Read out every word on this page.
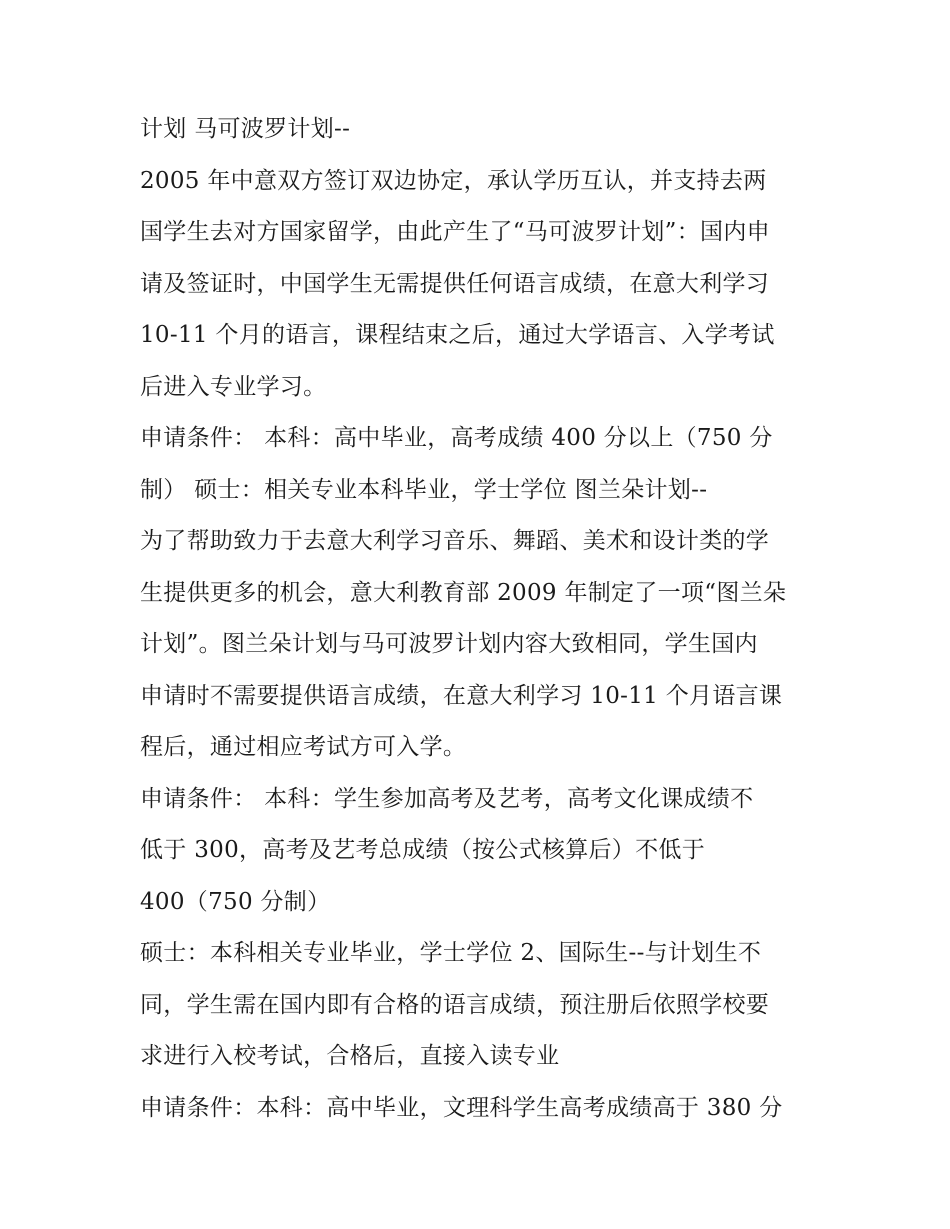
计划 马可波罗计划--
2005 年中意双方签订双边协定，承认学历互认，并支持去两
国学生去对方国家留学，由此产生了“马可波罗计划”：国内申
请及签证时，中国学生无需提供任何语言成绩，在意大利学习
10-11 个月的语言，课程结束之后，通过大学语言、入学考试
后进入专业学习。
申请条件： 本科：高中毕业，高考成绩 400 分以上（750 分
制） 硕士：相关专业本科毕业，学士学位 图兰朵计划--
为了帮助致力于去意大利学习音乐、舞蹈、美术和设计类的学
生提供更多的机会，意大利教育部 2009 年制定了一项“图兰朵
计划”。图兰朵计划与马可波罗计划内容大致相同，学生国内
申请时不需要提供语言成绩，在意大利学习 10-11 个月语言课
程后，通过相应考试方可入学。
申请条件： 本科：学生参加高考及艺考，高考文化课成绩不
低于 300，高考及艺考总成绩（按公式核算后）不低于
400（750 分制）
硕士：本科相关专业毕业，学士学位 2、国际生--与计划生不
同，学生需在国内即有合格的语言成绩，预注册后依照学校要
求进行入校考试，合格后，直接入读专业
申请条件：本科：高中毕业，文理科学生高考成绩高于 380 分
